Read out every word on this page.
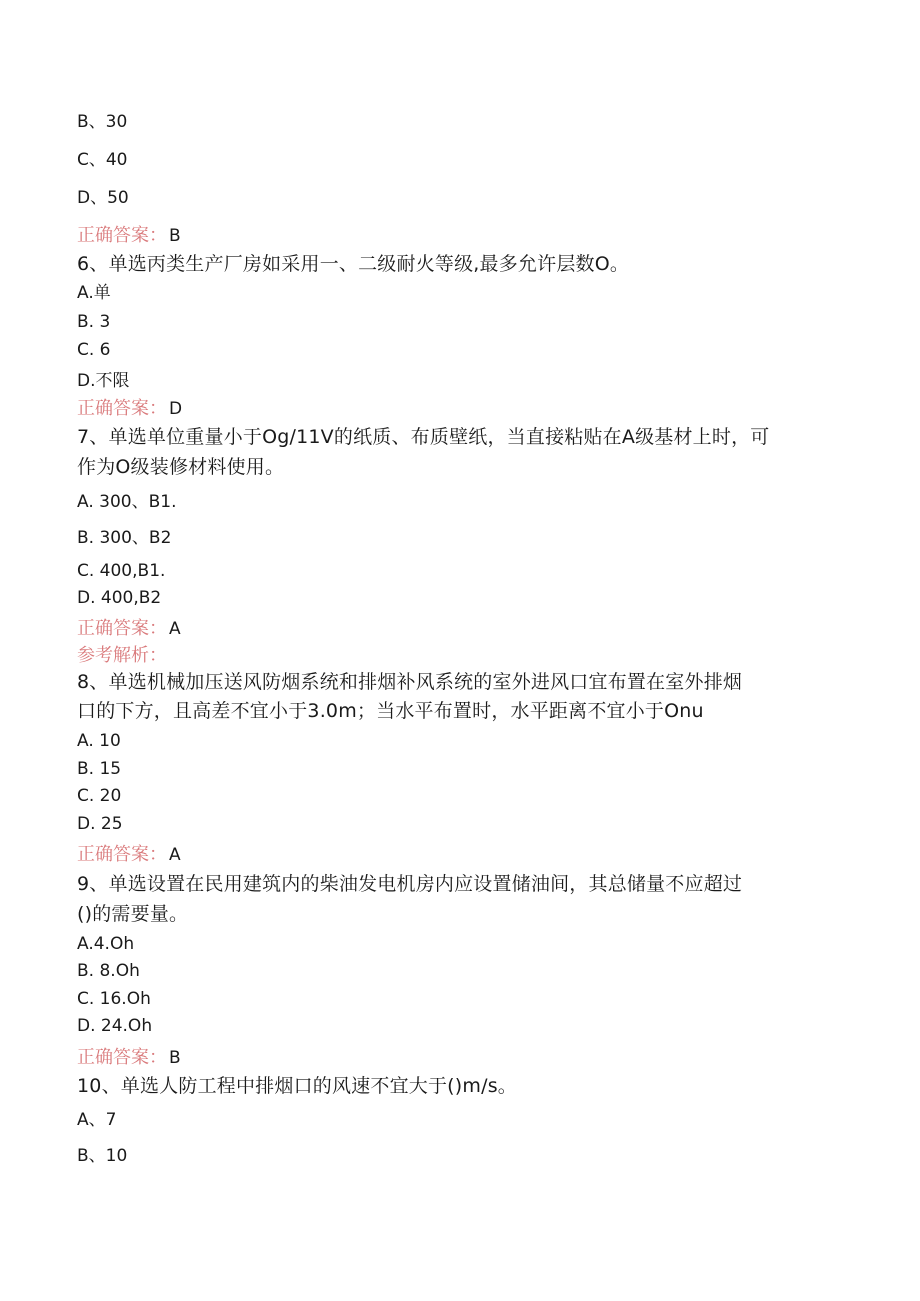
B、30
C、40
D、50
正确答案： B
6、单选丙类生产厂房如采用一、二级耐火等级,最多允许层数O。
A.单
B. 3
C. 6
D.不限
正确答案： D
7、单选单位重量小于Og∕11V的纸质、布质壁纸，当直接粘贴在A级基材上时，可
作为O级装修材料使用。
A. 300、B1.
B. 300、B2
C. 400,B1.
D. 400,B2
正确答案： A
参考解析：
8、单选机械加压送风防烟系统和排烟补风系统的室外进风口宜布置在室外排烟
口的下方，且高差不宜小于3.0m；当水平布置时，水平距离不宜小于Onu
A. 10
B. 15
C. 20
D. 25
正确答案： A
9、单选设置在民用建筑内的柴油发电机房内应设置储油间，其总储量不应超过
()的需要量。
A.4.Oh
B. 8.Oh
C. 16.Oh
D. 24.Oh
正确答案： B
10、单选人防工程中排烟口的风速不宜大于()m/s。
A、7
B、10
